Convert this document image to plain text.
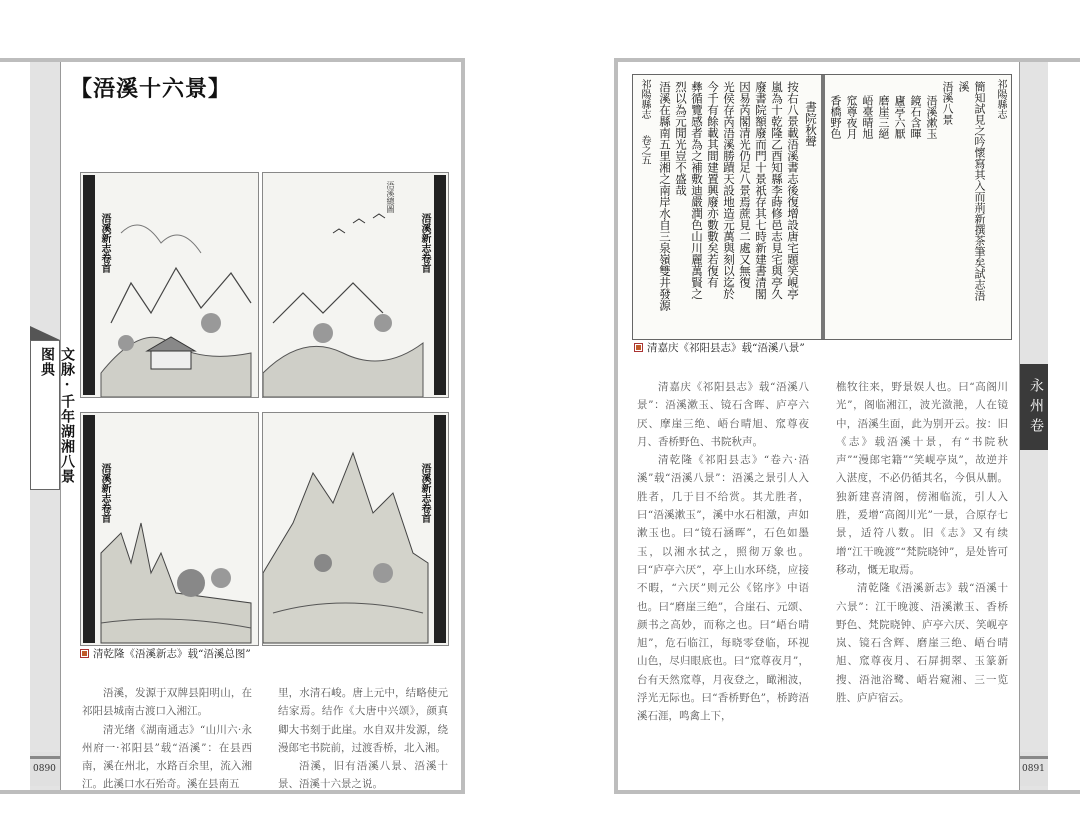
文脉·千年湖湘八景图典
【浯溪十六景】
浯溪新志卷首
浯溪總圖
浯溪新志卷首
浯溪新志卷首	浯溪新志卷首
清乾隆《浯溪新志》载“浯溪总图”

浯溪，发源于双牌县阳明山，在祁阳县城南古渡口入湘江。

清光绪《湖南通志》“山川六·永州府一·祁阳县”载“浯溪”：在县西南，溪在州北，水路百余里，流入湘江。此溪口水石殆奇。溪在县南五

里，水清石峻。唐上元中，结略使元结家焉。结作《大唐中兴颂》，颜真卿大书刻于此崖。水自双井发源，绕漫郎宅书院前，过渡香桥，北入湘。

浯溪，旧有浯溪八景、浯溪十景、浯溪十六景之说。

0890
永州卷
祁陽縣志
卷之五
書院秋聲
按右八景載浯溪書志後復增設唐宅題笑峴亭
嵐為十乾隆乙酉知縣李蒔修邑志見宅與亭久
廢書院額廢而門十景祇存其七時新建書清閣
因易芮閣清光仍足八景焉蔗見二處又無復
光侯存芮浯溪勝蹟天設地造元萬與刻以迄於
今千有餘載其間建置興廢亦數數矣若復有
彝循覽感者為之補敷迪嚴潤色山川麗萬賢之
烈以為元閒光豈不盛哉
浯溪在縣南五里湘之南岸水自三泉嶺雙井發源	簡知試見之吟懷寫其入而荊新撰茶筆矣試志浯
溪
浯溪八景
浯溪漱玉
鏡石含暉
廬亭六厭
磨崖三絕
峿臺晴旭
窊尊夜月
香橋野色	祁陽縣志
清嘉庆《祁阳县志》载“浯溪八景”

清嘉庆《祁阳县志》载“浯溪八景”：浯溪漱玉、镜石含晖、庐亭六厌、摩崖三绝、峿台晴旭、窊尊夜月、香桥野色、书院秋声。

清乾隆《祁阳县志》“卷六·浯溪”载“浯溪八景”：浯溪之景引人入胜者，几于目不给赏。其尤胜者，曰“浯溪漱玉”，溪中水石相激，声如漱玉也。曰“镜石涵晖”，石色如墨玉，以湘水拭之，照彻万象也。曰“庐亭六厌”，亭上山水环绕，应接不暇，“六厌”则元公《铭序》中语也。曰“磨崖三绝”，合崖石、元颂、颜书之高妙，而称之也。曰“峿台晴旭”，危石临江，每晓零登临，环视山色，尽归眼底也。曰“窊尊夜月”，台有天然窊尊，月夜登之，瞰湘波，浮光无际也。曰“香桥野色”，桥跨浯溪石涯，鸣禽上下，

樵牧往来，野景娱人也。曰“高阁川光”，阁临湘江，波光潋滟，人在镜中，浯溪生面，此为别开云。按：旧《志》载浯溪十景，有“书院秋声”“漫郎宅籍”“笑岘亭岚”，故逆并入湛度，不必仍循其名，今俱从删。独新建喜清阁，傍湘临流，引人入胜，爰增“高阁川光”一景，合原存七景，适符八数。旧《志》又有续增“江干晚渡”“梵院晓钟”，是处皆可移动，慨无取焉。

清乾隆《浯溪新志》载“浯溪十六景”：江干晚渡、浯溪漱玉、香桥野色、梵院晓钟、庐亭六厌、笑岘亭岚、镜石含辉、磨崖三绝、峿台晴旭、窊尊夜月、石屏拥翠、玉篆新搜、浯池浴鹭、峿岩窥湘、三一览胜、庐庐宿云。

0891
